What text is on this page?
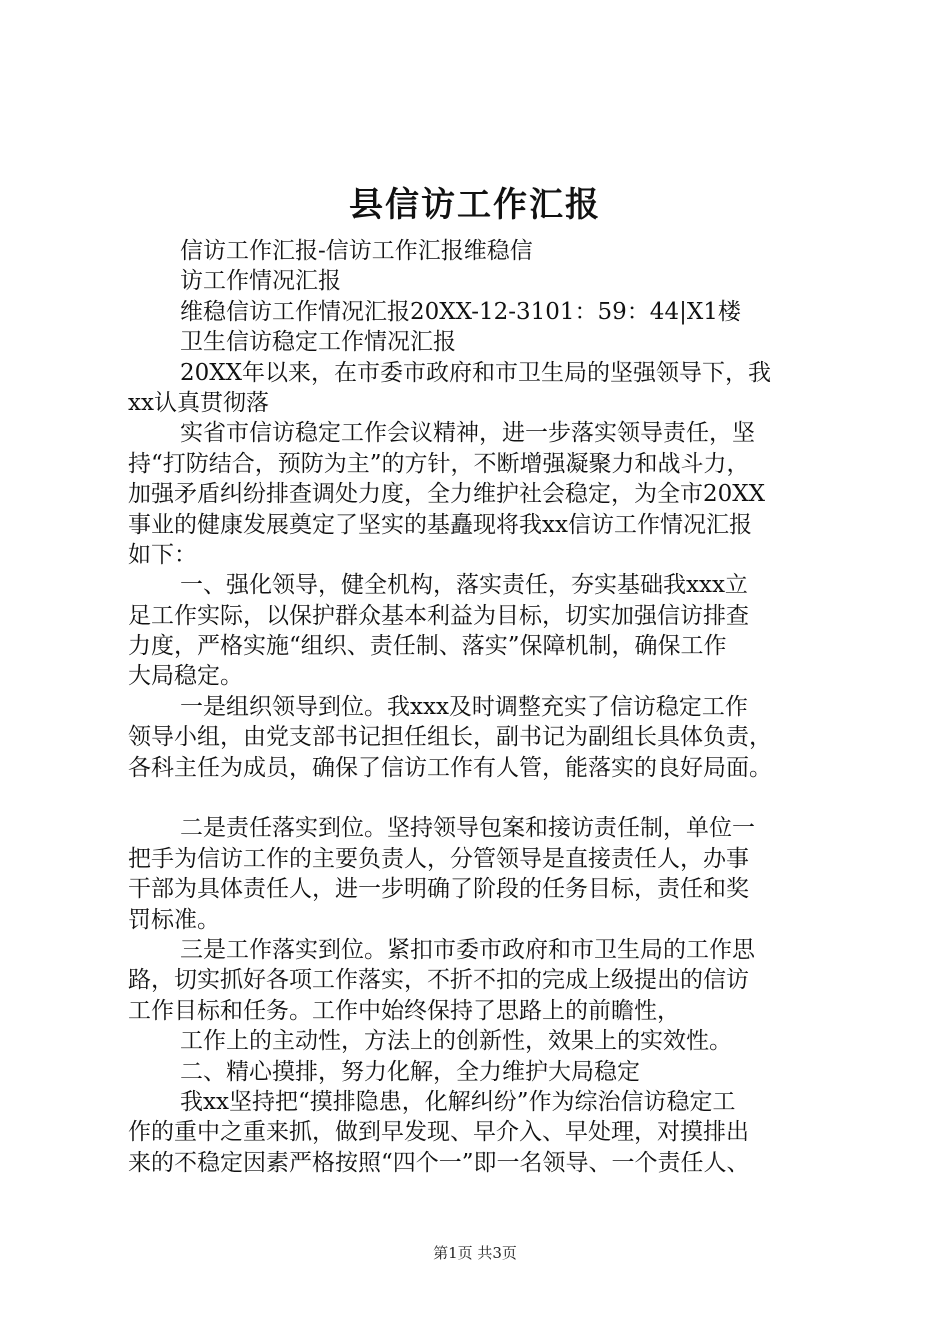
县信访工作汇报
信访工作汇报-信访工作汇报维稳信
访工作情况汇报
维稳信访工作情况汇报20XX-12-3101：59：44|X1楼
卫生信访稳定工作情况汇报
20XX年以来，在市委市政府和市卫生局的坚强领导下，我
xx认真贯彻落
实省市信访稳定工作会议精神，进一步落实领导责任，坚
持“打防结合，预防为主”的方针，不断增强凝聚力和战斗力，
加强矛盾纠纷排查调处力度，全力维护社会稳定，为全市20XX
事业的健康发展奠定了坚实的基矗现将我xx信访工作情况汇报
如下：
一、强化领导，健全机构，落实责任，夯实基础我xxx立
足工作实际，以保护群众基本利益为目标，切实加强信访排查
力度，严格实施“组织、责任制、落实”保障机制，确保工作
大局稳定。
一是组织领导到位。我xxx及时调整充实了信访稳定工作
领导小组，由党支部书记担任组长，副书记为副组长具体负责，
各科主任为成员，确保了信访工作有人管，能落实的良好局面。
二是责任落实到位。坚持领导包案和接访责任制，单位一
把手为信访工作的主要负责人，分管领导是直接责任人，办事
干部为具体责任人，进一步明确了阶段的任务目标，责任和奖
罚标准。
三是工作落实到位。紧扣市委市政府和市卫生局的工作思
路，切实抓好各项工作落实，不折不扣的完成上级提出的信访
工作目标和任务。工作中始终保持了思路上的前瞻性，
工作上的主动性，方法上的创新性，效果上的实效性。
二、精心摸排，努力化解，全力维护大局稳定
我xx坚持把“摸排隐患，化解纠纷”作为综治信访稳定工
作的重中之重来抓，做到早发现、早介入、早处理，对摸排出
来的不稳定因素严格按照“四个一”即一名领导、一个责任人、
第1页 共3页
